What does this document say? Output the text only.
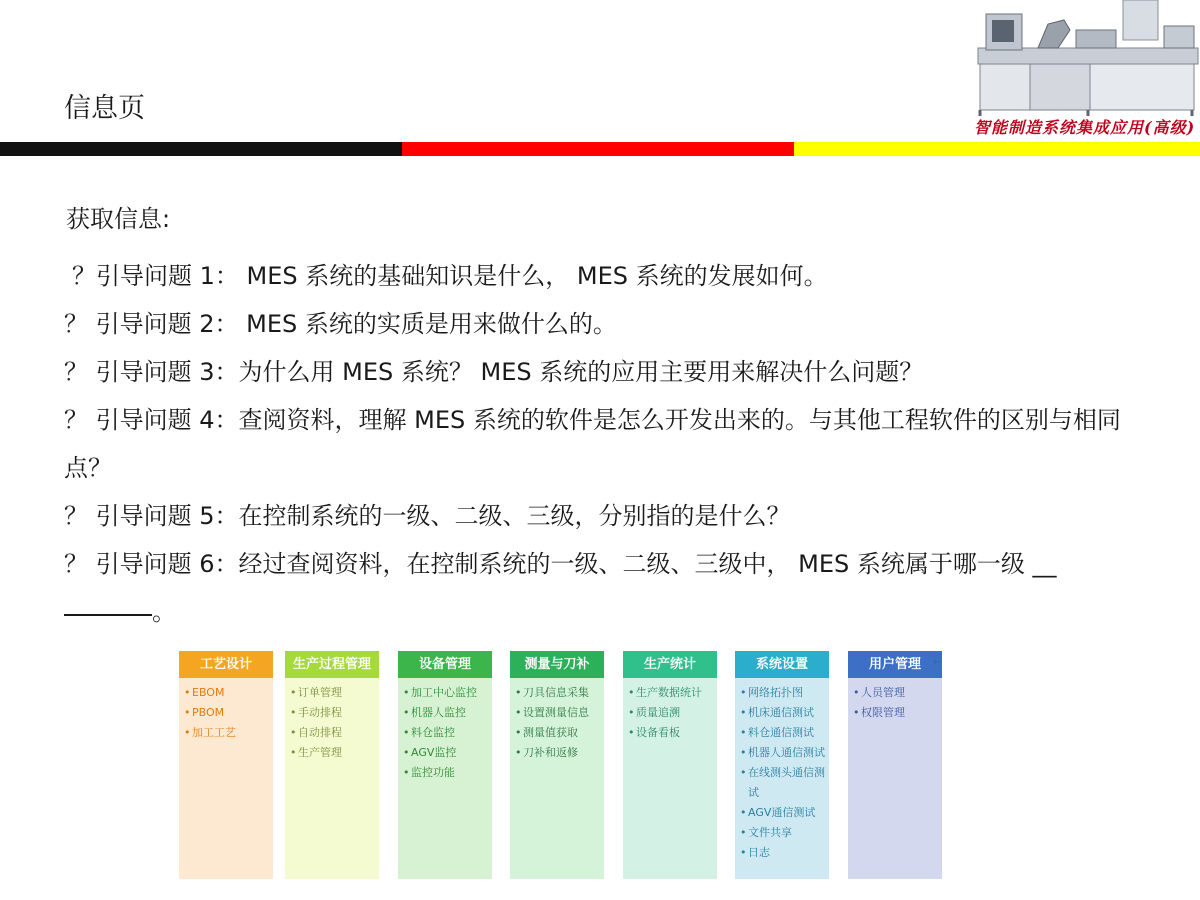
信息页
智能制造系统集成应用(高级)
获取信息:

？引导问题 1： MES 系统的基础知识是什么， MES 系统的发展如何。

？ 引导问题 2： MES 系统的实质是用来做什么的。

？ 引导问题 3：为什么用 MES 系统？ MES 系统的应用主要用来解决什么问题？

？ 引导问题 4：查阅资料，理解 MES 系统的软件是怎么开发出来的。与其他工程软件的区别与相同点？

？ 引导问题 5：在控制系统的一级、二级、三级，分别指的是什么？

？ 引导问题 6：经过查阅资料，在控制系统的一级、二级、三级中， MES 系统属于哪一级 __

。

工艺设计
• EBOM
• PBOM
• 加工工艺
生产过程管理
• 订单管理
• 手动排程
• 自动排程
• 生产管理
设备管理
• 加工中心监控
• 机器人监控
• 料仓监控
• AGV监控
• 监控功能
测量与刀补
• 刀具信息采集
• 设置测量信息
• 测量值获取
• 刀补和返修
生产统计
• 生产数据统计
• 质量追溯
• 设备看板
系统设置
• 网络拓扑图
• 机床通信测试
• 料仓通信测试
• 机器人通信测试
• 在线测头通信测试
• AGV通信测试
• 文件共享
• 日志
用户管理
• 人员管理
• 权限管理
←
